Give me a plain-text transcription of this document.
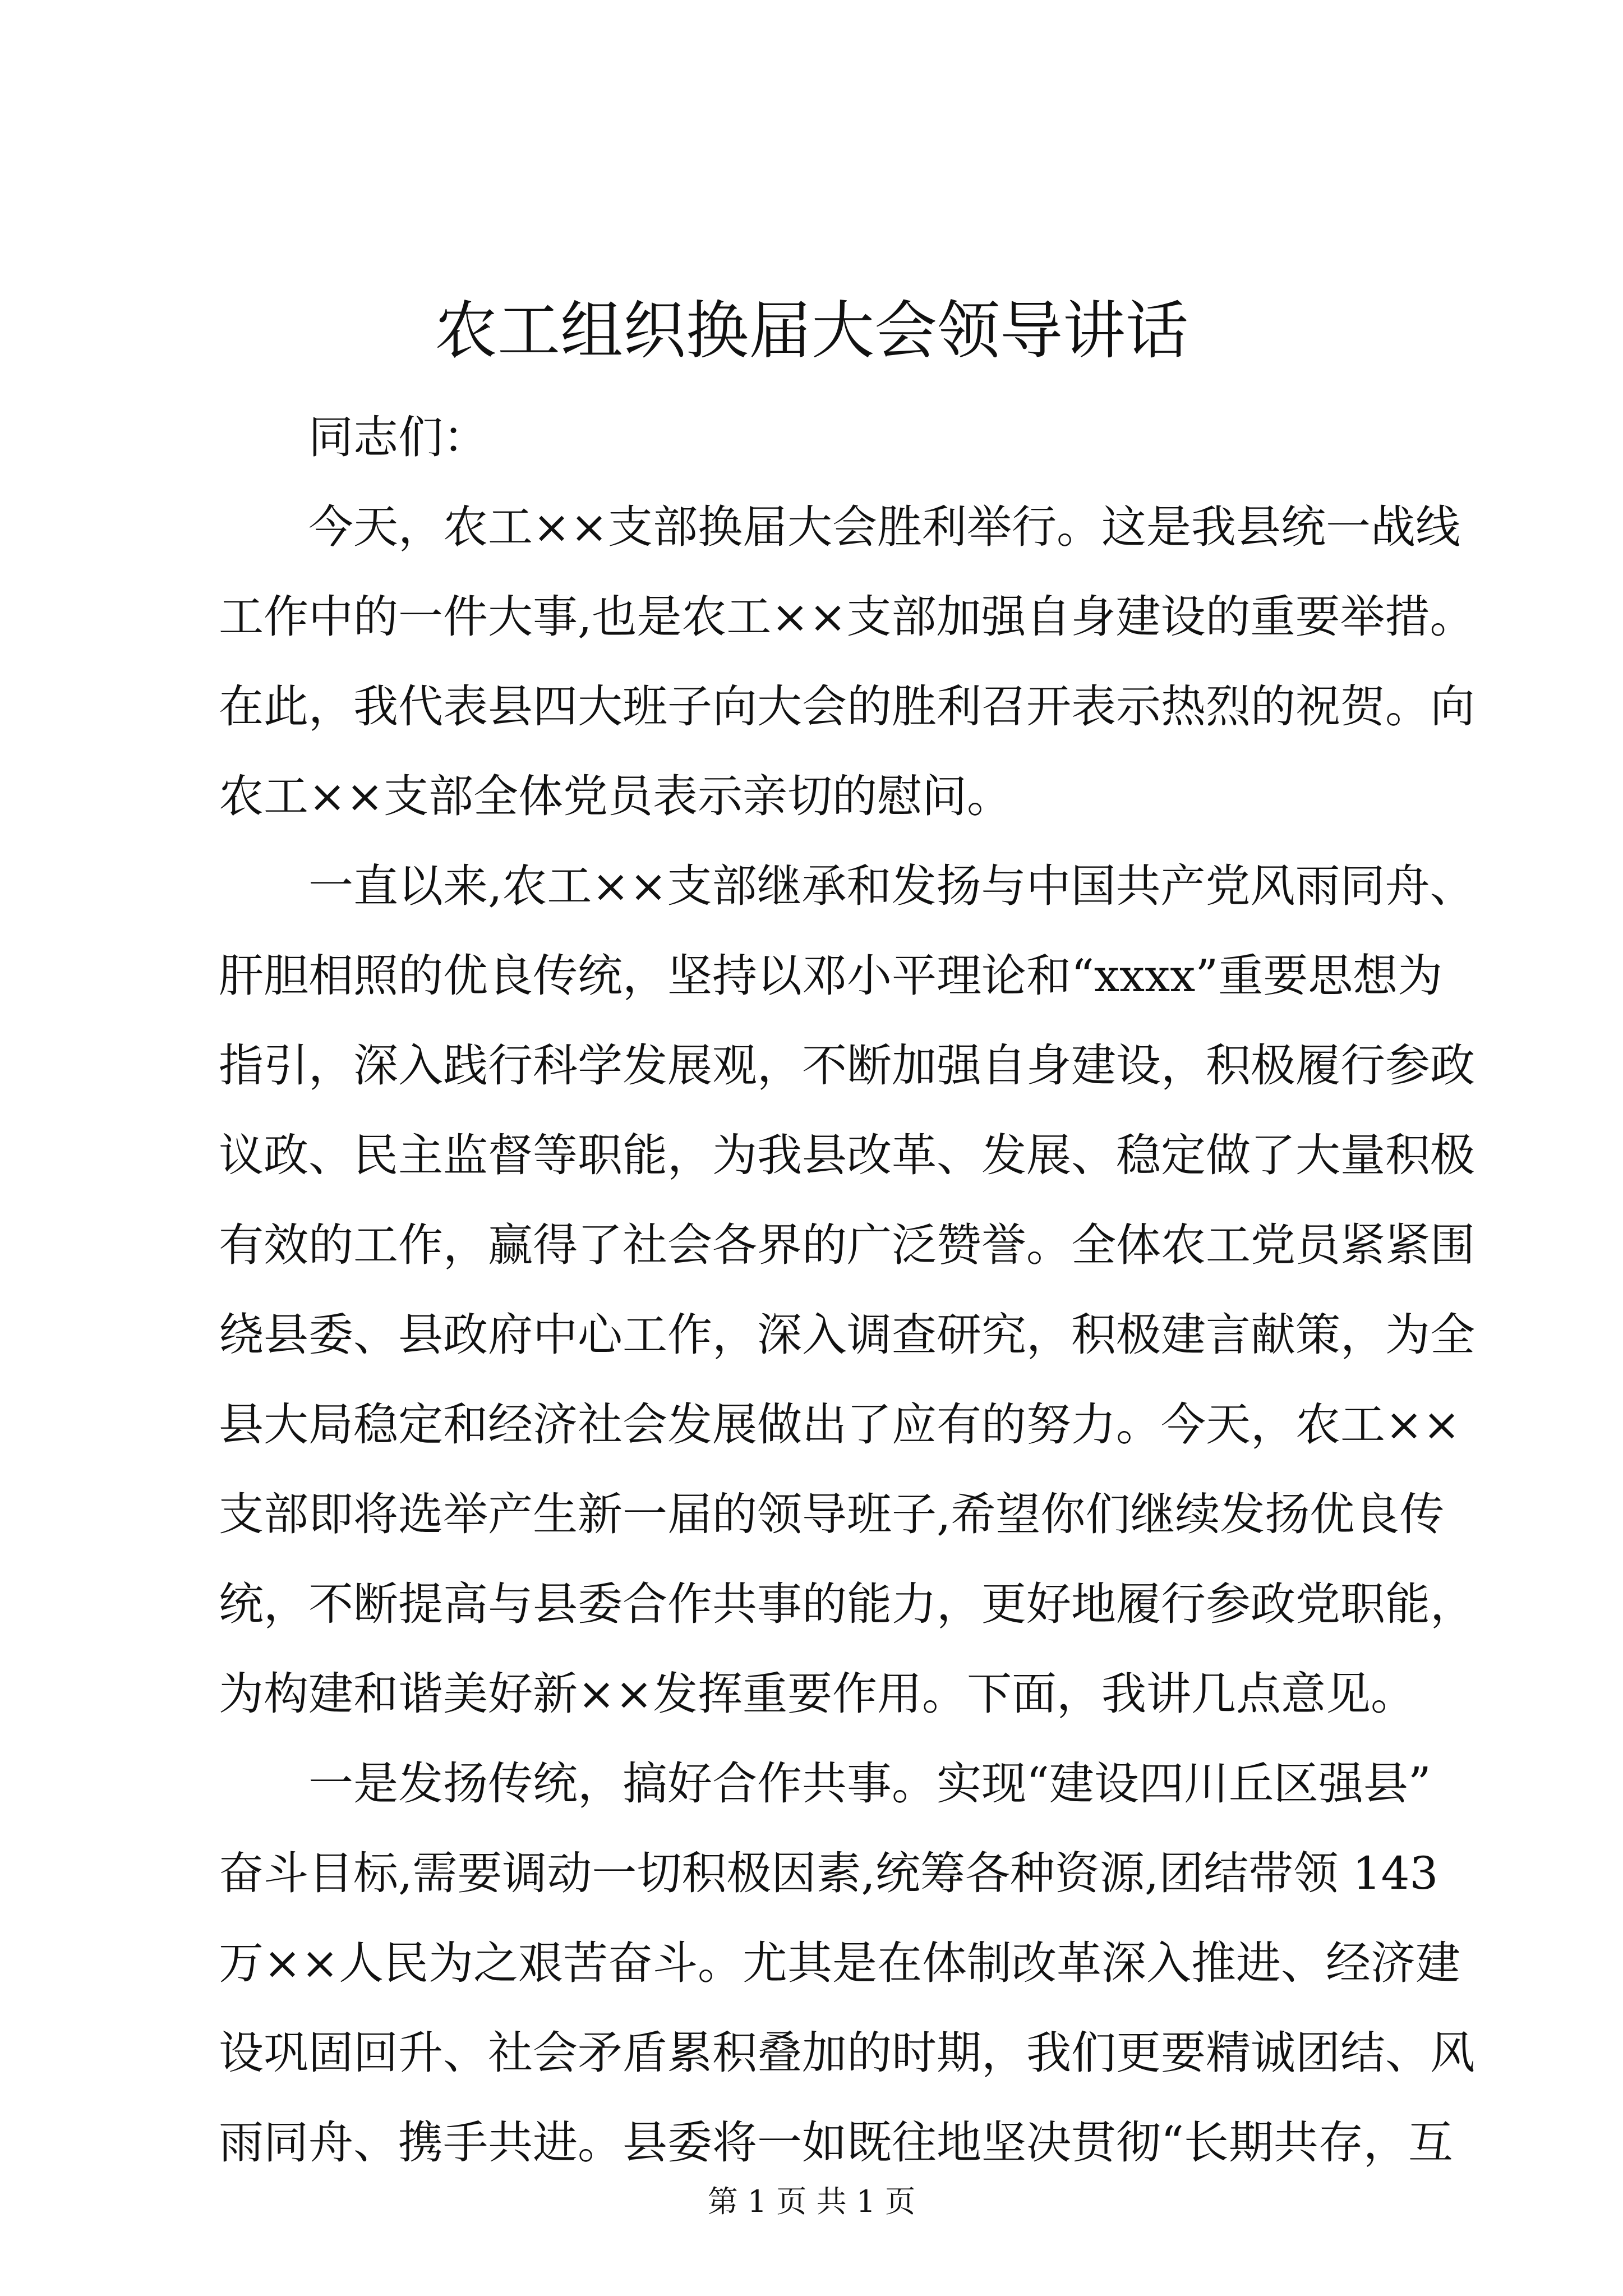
农工组织换届大会领导讲话
同志们：
今天，农工××支部换届大会胜利举行。这是我县统一战线
工作中的一件大事,也是农工××支部加强自身建设的重要举措。
在此，我代表县四大班子向大会的胜利召开表示热烈的祝贺。向
农工××支部全体党员表示亲切的慰问。
一直以来,农工××支部继承和发扬与中国共产党风雨同舟、
肝胆相照的优良传统，坚持以邓小平理论和“xxxx”重要思想为
指引，深入践行科学发展观，不断加强自身建设，积极履行参政
议政、民主监督等职能，为我县改革、发展、稳定做了大量积极
有效的工作，赢得了社会各界的广泛赞誉。全体农工党员紧紧围
绕县委、县政府中心工作，深入调查研究，积极建言献策，为全
县大局稳定和经济社会发展做出了应有的努力。今天，农工××
支部即将选举产生新一届的领导班子,希望你们继续发扬优良传
统，不断提高与县委合作共事的能力，更好地履行参政党职能，
为构建和谐美好新××发挥重要作用。下面，我讲几点意见。
一是发扬传统，搞好合作共事。实现“建设四川丘区强县”
奋斗目标,需要调动一切积极因素,统筹各种资源,团结带领 143
万××人民为之艰苦奋斗。尤其是在体制改革深入推进、经济建
设巩固回升、社会矛盾累积叠加的时期，我们更要精诚团结、风
雨同舟、携手共进。县委将一如既往地坚决贯彻“长期共存，互
第 1 页 共 1 页
